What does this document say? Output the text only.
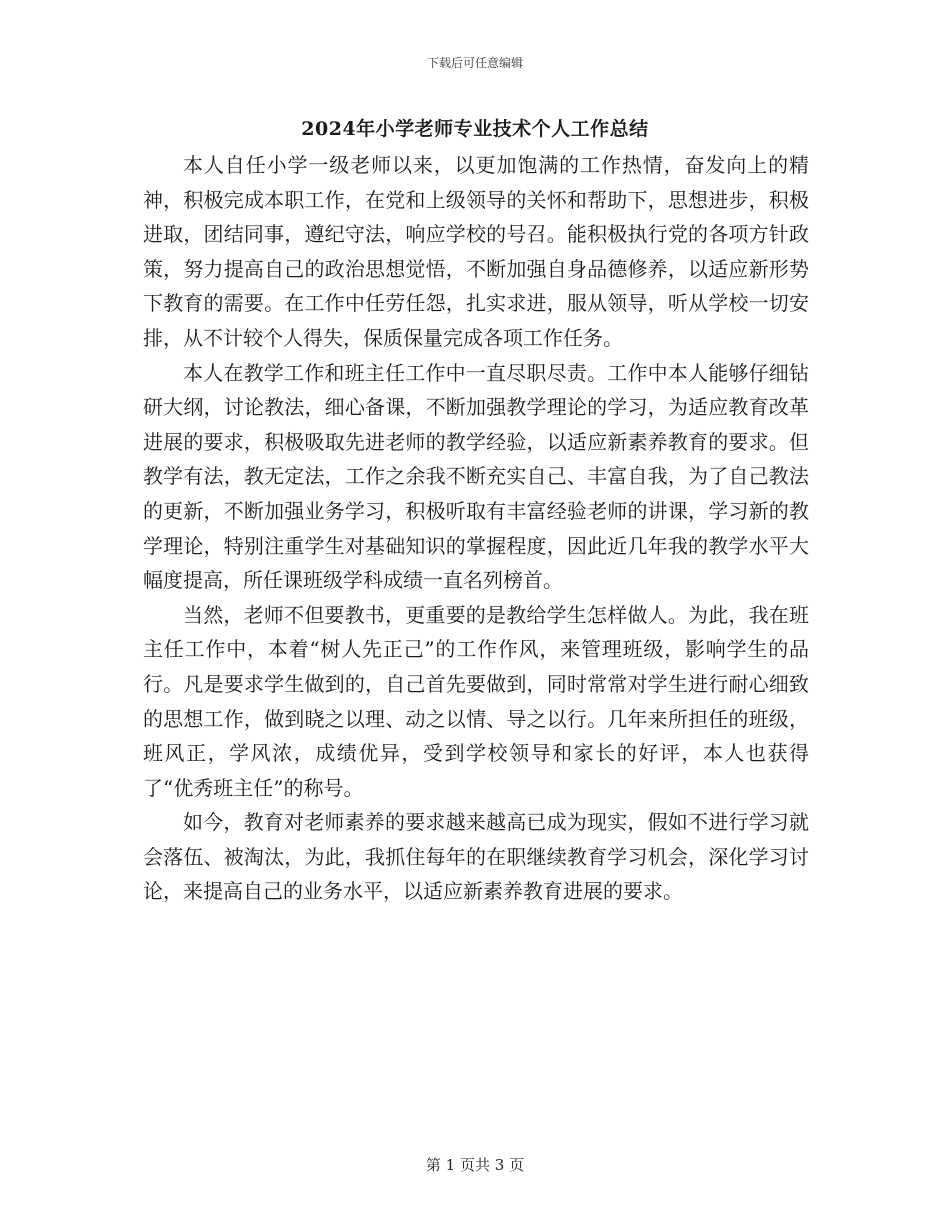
下载后可任意编辑
2024年小学老师专业技术个人工作总结

本人自任小学一级老师以来，以更加饱满的工作热情，奋发向上的精神，积极完成本职工作，在党和上级领导的关怀和帮助下，思想进步，积极进取，团结同事，遵纪守法，响应学校的号召。能积极执行党的各项方针政策，努力提高自己的政治思想觉悟，不断加强自身品德修养，以适应新形势下教育的需要。在工作中任劳任怨，扎实求进，服从领导，听从学校一切安排，从不计较个人得失，保质保量完成各项工作任务。

本人在教学工作和班主任工作中一直尽职尽责。工作中本人能够仔细钻研大纲，讨论教法，细心备课，不断加强教学理论的学习，为适应教育改革进展的要求，积极吸取先进老师的教学经验，以适应新素养教育的要求。但教学有法，教无定法，工作之余我不断充实自己、丰富自我，为了自己教法的更新，不断加强业务学习，积极听取有丰富经验老师的讲课，学习新的教学理论，特别注重学生对基础知识的掌握程度，因此近几年我的教学水平大幅度提高，所任课班级学科成绩一直名列榜首。

当然，老师不但要教书，更重要的是教给学生怎样做人。为此，我在班主任工作中，本着“树人先正己”的工作作风，来管理班级，影响学生的品行。凡是要求学生做到的，自己首先要做到，同时常常对学生进行耐心细致的思想工作，做到晓之以理、动之以情、导之以行。几年来所担任的班级，班风正，学风浓，成绩优异，受到学校领导和家长的好评，本人也获得了“优秀班主任”的称号。

如今，教育对老师素养的要求越来越高已成为现实，假如不进行学习就会落伍、被淘汰，为此，我抓住每年的在职继续教育学习机会，深化学习讨论，来提高自己的业务水平，以适应新素养教育进展的要求。

第 1 页共 3 页
